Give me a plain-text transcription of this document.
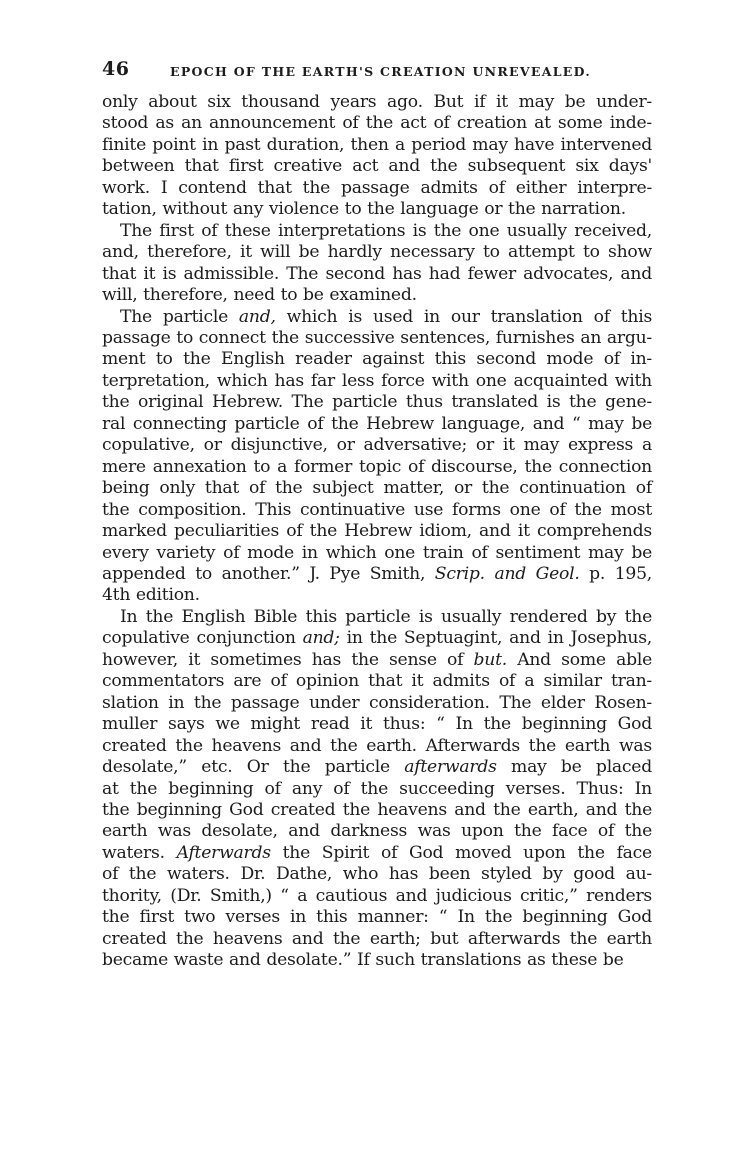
46	EPOCH OF THE EARTH'S CREATION UNREVEALED.
only about six thousand years ago. But if it may be under-
stood as an announcement of the act of creation at some inde-
finite point in past duration, then a period may have intervened
between that first creative act and the subsequent six days'
work. I contend that the passage admits of either interpre-
tation, without any violence to the language or the narration.
The first of these interpretations is the one usually received,
and, therefore, it will be hardly necessary to attempt to show
that it is admissible. The second has had fewer advocates, and
will, therefore, need to be examined.
The particle and, which is used in our translation of this
passage to connect the successive sentences, furnishes an argu-
ment to the English reader against this second mode of in-
terpretation, which has far less force with one acquainted with
the original Hebrew. The particle thus translated is the gene-
ral connecting particle of the Hebrew language, and “ may be
copulative, or disjunctive, or adversative; or it may express a
mere annexation to a former topic of discourse, the connection
being only that of the subject matter, or the continuation of
the composition. This continuative use forms one of the most
marked peculiarities of the Hebrew idiom, and it comprehends
every variety of mode in which one train of sentiment may be
appended to another.” J. Pye Smith, Scrip. and Geol. p. 195,
4th edition.
In the English Bible this particle is usually rendered by the
copulative conjunction and; in the Septuagint, and in Josephus,
however, it sometimes has the sense of but. And some able
commentators are of opinion that it admits of a similar tran-
slation in the passage under consideration. The elder Rosen-
muller says we might read it thus: “ In the beginning God
created the heavens and the earth. Afterwards the earth was
desolate,” etc. Or the particle afterwards may be placed
at the beginning of any of the succeeding verses. Thus: In
the beginning God created the heavens and the earth, and the
earth was desolate, and darkness was upon the face of the
waters. Afterwards the Spirit of God moved upon the face
of the waters. Dr. Dathe, who has been styled by good au-
thority, (Dr. Smith,) “ a cautious and judicious critic,” renders
the first two verses in this manner: “ In the beginning God
created the heavens and the earth; but afterwards the earth
became waste and desolate.” If such translations as these be
